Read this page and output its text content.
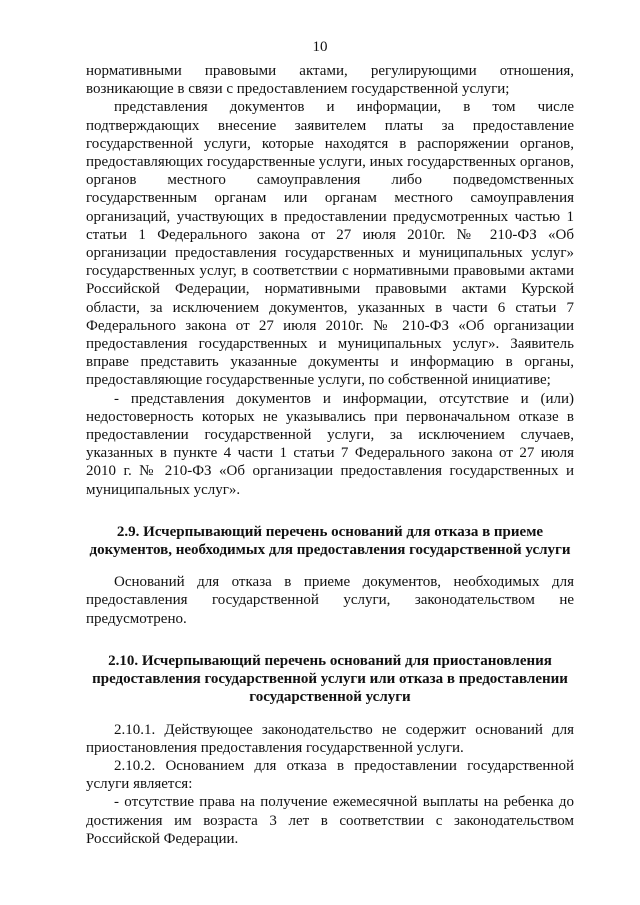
10

нормативными правовыми актами, регулирующими отношения, возникающие в связи с предоставлением государственной услуги;

представления документов и информации, в том числе подтверждающих внесение заявителем платы за предоставление государственной услуги, которые находятся в распоряжении органов, предоставляющих государственные услуги, иных государственных органов, органов местного самоуправления либо подведомственных государственным органам или органам местного самоуправления организаций, участвующих в предоставлении предусмотренных частью 1 статьи 1 Федерального закона от 27 июля 2010г. № 210-ФЗ «Об организации предоставления государственных и муниципальных услуг» государственных услуг, в соответствии с нормативными правовыми актами Российской Федерации, нормативными правовыми актами Курской области, за исключением документов, указанных в части 6 статьи 7 Федерального закона от 27 июля 2010г. № 210-ФЗ «Об организации предоставления государственных и муниципальных услуг». Заявитель вправе представить указанные документы и информацию в органы, предоставляющие государственные услуги, по собственной инициативе;

- представления документов и информации, отсутствие и (или) недостоверность которых не указывались при первоначальном отказе в предоставлении государственной услуги, за исключением случаев, указанных в пункте 4 части 1 статьи 7 Федерального закона от 27 июля 2010 г. № 210-ФЗ «Об организации предоставления государственных и муниципальных услуг».

2.9. Исчерпывающий перечень оснований для отказа в приеме документов, необходимых для предоставления государственной услуги

Оснований для отказа в приеме документов, необходимых для предоставления государственной услуги, законодательством не предусмотрено.

2.10. Исчерпывающий перечень оснований для приостановления предоставления государственной услуги или отказа в предоставлении государственной услуги

2.10.1. Действующее законодательство не содержит оснований для приостановления предоставления государственной услуги.

2.10.2. Основанием для отказа в предоставлении государственной услуги является:

- отсутствие права на получение ежемесячной выплаты на ребенка до достижения им возраста 3 лет в соответствии с законодательством Российской Федерации.
